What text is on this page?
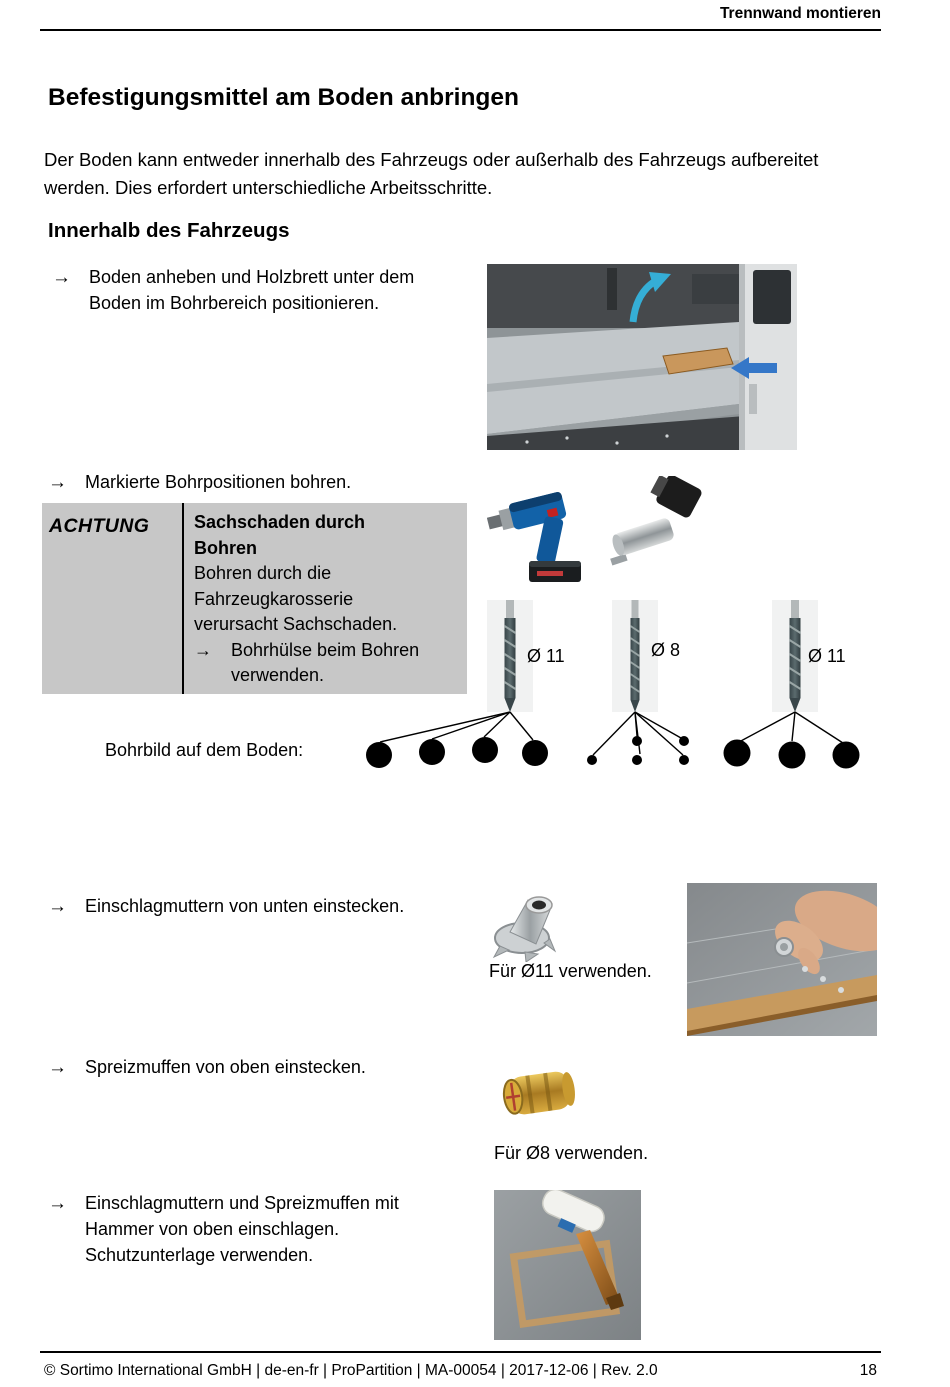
Trennwand montieren
Befestigungsmittel am Boden anbringen
Der Boden kann entweder innerhalb des Fahrzeugs oder außerhalb des Fahrzeugs aufbereitet werden. Dies erfordert unterschiedliche Arbeitsschritte.
Innerhalb des Fahrzeugs
→	Boden anheben und Holzbrett unter dem Boden im Bohrbereich positionieren.
→	Markierte Bohrpositionen bohren.
ACHTUNG Sachschaden durch Bohren
Bohren durch die Fahrzeugkarosserie verursacht Sachschaden.
→	Bohrhülse beim Bohren verwenden.
Ø 11	Ø 8	Ø 11
Bohrbild auf dem Boden:
→	Einschlagmuttern von unten einstecken.
Für Ø11 verwenden.
→	Spreizmuffen von oben einstecken.
Für Ø8 verwenden.
→	Einschlagmuttern und Spreizmuffen mit Hammer von oben einschlagen. Schutzunterlage verwenden.
© Sortimo International GmbH | de-en-fr | ProPartition | MA-00054 | 2017-12-06 | Rev. 2.0	18
